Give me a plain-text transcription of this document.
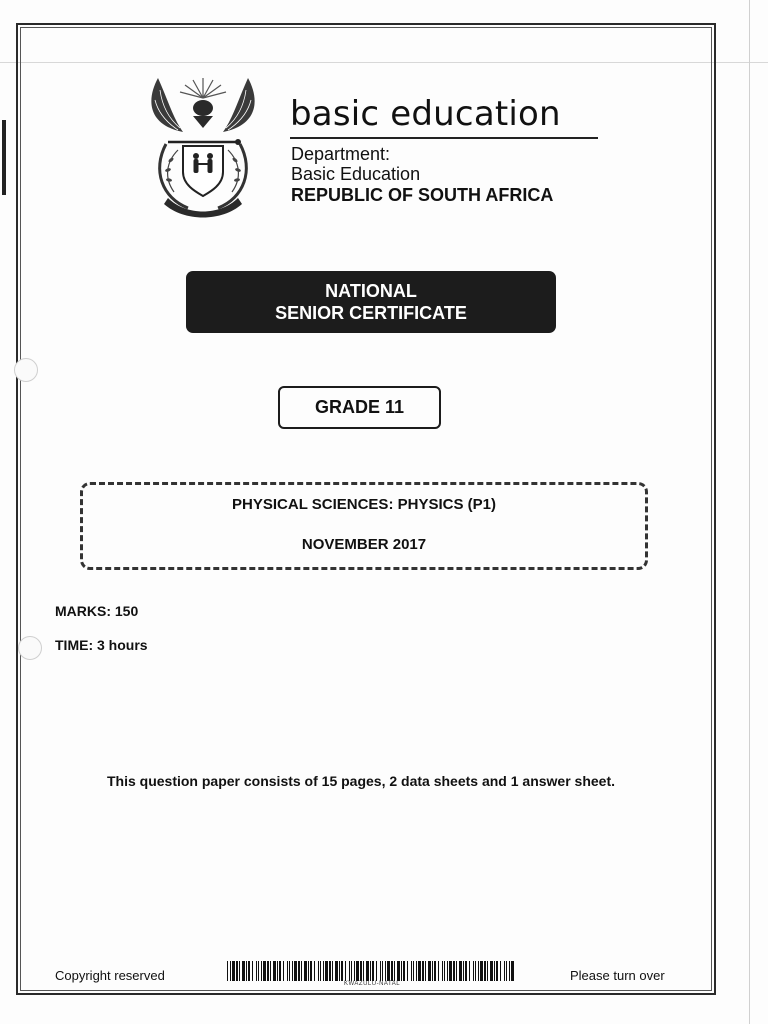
basic education
Department:
Basic Education
REPUBLIC OF SOUTH AFRICA
NATIONAL
SENIOR CERTIFICATE
GRADE 11
PHYSICAL SCIENCES: PHYSICS (P1)
NOVEMBER 2017
MARKS: 150
TIME: 3 hours
This question paper consists of 15 pages, 2 data sheets and 1 answer sheet.
Copyright reserved
KWAZULU-NATAL
Please turn over
